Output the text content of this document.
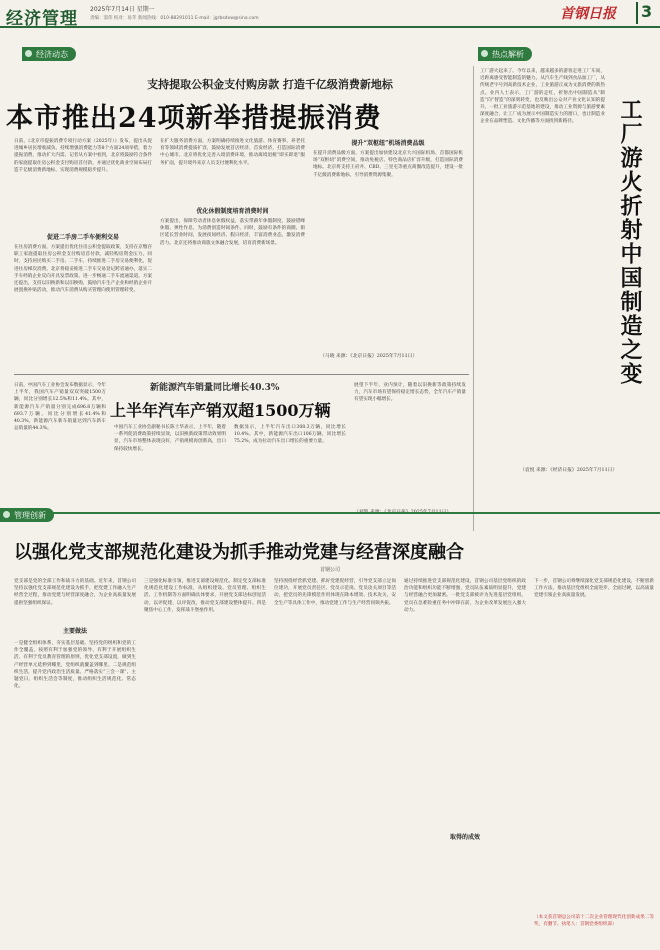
经济管理 2025年7月14日 星期一
责编：窦伟 校对：易苹 新闻热线：010-88291011 E-mail：jgrbsdxw@sina.com	首钢日报	3
经济动态	热点解析
支持提取公积金支付购房款 打造千亿级消费新地标
本市推出24项新举措提振消费
日前，《北京市提振消费专项行动方案（2025年）》发布，提出从促进城乡居民增收减负、持续增强消费能力等8个方面24项举措，着力提振消费，推动扩大内需。记者从方案中看到，北京将鼓励符合条件的家庭提取住房公积金支付购房首付款，并通过优化商业空间布局打造千亿级消费新地标，实现消费规模稳步提升。
促进二手房二手车便利交易
在住房消费方面，方案提出优化住房公积金提取政策，支持在京缴存职工家庭提取住房公积金支付购房首付款，减轻购房资金压力。同时，支持居民购买二手房、二手车，持续推进二手房交易便利化，促进住房梯次消费。北京将稳妥推进二手车交易登记跨省通办，落实二手车经销企业反向开具发票政策，进一步畅通二手车流通渠道。方案还提出，支持以旧换新和以旧换购，鼓励汽车生产企业和经销企业开展置换补贴活动，推动汽车消费从购买管理向使用管理转变。
在扩大服务消费方面，方案明确持续推进文化旅游、体育赛事、养老托育等领域消费提质扩容，鼓励发展首店经济、首发经济，打造国际消费中心城市。北京将优化完善入境消费环境，推动离境退税“即买即退”服务扩面，提升境外来京人员支付便利化水平。
优化休假制度培育消费时间
方案提出，保障劳动者休息休假权益，落实带薪年休假制度，鼓励错峰休假、弹性作息，为消费创造时间条件。同时，鼓励有条件的商圈、街区延长营业时间，发展夜间经济、假日经济，丰富消费业态，激发消费活力。北京还将推动商旅文体融合发展，培育消费新场景。
提升“双枢纽”机场消费品级
在提升消费品级方面，方案提出加快建设北京大兴国际机场、首都国际机场“双枢纽”消费空间，推动免税店、特色商品店扩容升级，打造国际消费地标。北京将支持王府井、CBD、三里屯等重点商圈改造提升，建设一批千亿级消费新地标，引导消费资源集聚。
（马晓 来源：《北京日报》2025年7月11日）
工厂游火起来了。今年以来，越来越多的游客走进工厂车间，近距离感受智能制造的魅力。从汽车生产线到食品加工厂，从传统老字号到高新技术企业，工业旅游正成为文旅消费的新热点。业内人士表示，工厂游的走红，折射出中国制造从“制造”向“智造”的深刻转变，也反映出公众对产业文化认知的提升。一批工业旅游示范基地的建设，推动工业资源与旅游要素深度融合，让工厂成为展示中国制造实力的窗口，也让制造业企业在品牌塑造、文化传播等方面找到新路径。	工厂游火折射中国制造之变
（袁悦 来源：《经济日报》2025年7月11日）
新能源汽车销量同比增长40.3%
上半年汽车产销双超1500万辆
日前，中国汽车工业协会发布数据显示，今年上半年，我国汽车产销量双双突破1500万辆，同比分别增长12.5%和11.4%。其中，新能源汽车产销量分别完成696.8万辆和693.7万辆，同比分别增长41.4%和40.3%，新能源汽车新车销量达到汽车新车总销量的44.3%。	中国汽车工业协会副秘书长陈士华表示，上半年，随着一系列促消费政策持续显效，以旧换新政策带动效果明显，汽车市场整体表现良好，产销规模再创新高，出口保持较快增长。
数据显示，上半年汽车出口308.3万辆，同比增长10.4%。其中，新能源汽车出口106万辆，同比增长75.2%，成为拉动汽车出口增长的重要力量。
展望下半年，业内预计，随着以旧换新等政策持续发力，汽车市场有望保持稳定增长态势，全年汽车产销量有望实现小幅增长。
管理创新
以强化党支部规范化建设为抓手推动党建与经营深度融合
首钢公司
党支部是党的全部工作和战斗力的基础。近年来，首钢公司坚持以强化党支部规范化建设为抓手，把党建工作融入生产经营全过程，推动党建与经营深度融合，为企业高质量发展提供坚强组织保证。
主要做法
一是健全组织体系，夯实基层基础。坚持党的组织和党的工作全覆盖，按照有利于加强党的领导、有利于开展组织生活、有利于党员教育管理的原则，优化党支部设置，做到生产经营单元延伸到哪里，党组织就覆盖到哪里。二是规范组织生活，提升党内政治生活质量。严格落实“三会一课”、主题党日、组织生活会等制度，推动组织生活规范化、常态化。
三是强化标准引领，推进支部建设规范化。制定党支部标准化规范化建设工作标准，从组织建设、党员管理、组织生活、工作机制等方面明确具体要求，开展党支部达标创星活动，以评促建、以评促改，推动党支部建设整体提升。四是聚焦中心工作，发挥战斗堡垒作用。
坚持围绕经营抓党建、抓好党建促经营，引导党支部立足岗位建功，开展党员责任区、党员示范岗、党员攻关项目等活动，把党员的先锋模范作用体现在降本增效、技术攻关、安全生产等具体工作中，推动党建工作与生产经营同频共振。
取得的成效
通过持续推进党支部规范化建设，首钢公司基层党组织的政治功能和组织功能不断增强，党员队伍素质明显提升，党建与经营融合更加紧密。一批党支部被评为先进基层党组织，党员在急难险重任务中冲锋在前，为企业改革发展注入强大动力。
下一步，首钢公司将继续深化党支部规范化建设，不断创新工作方法，推动基层党组织全面进步、全面过硬，以高质量党建引领企业高质量发展。
（本文获首钢总公司第十二次企业管理现代化创新成果二等奖，有删节。执笔人：首钢党委组织部）
